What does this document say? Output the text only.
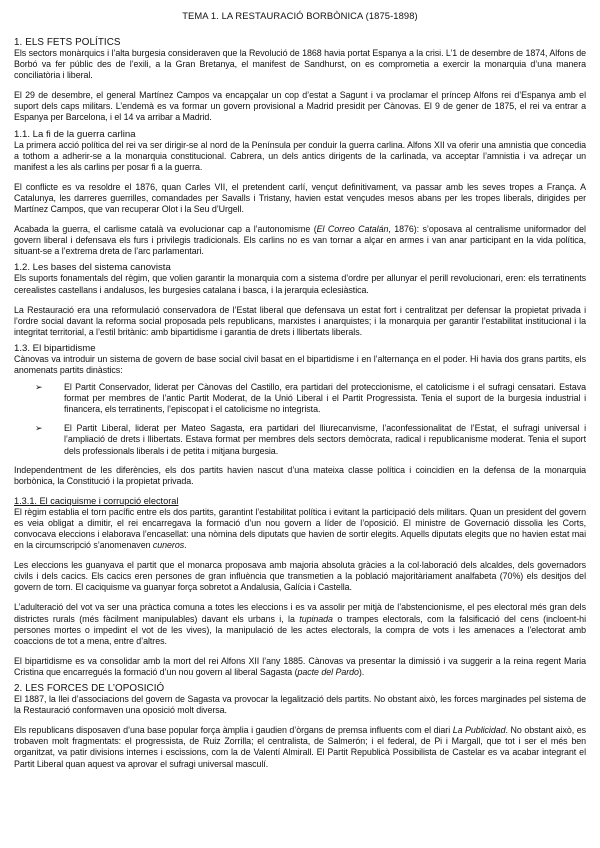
TEMA 1. LA RESTAURACIÓ BORBÒNICA (1875-1898)
1. ELS FETS POLÍTICS

Els sectors monàrquics i l’alta burgesia consideraven que la Revolució de 1868 havia portat Espanya a la crisi. L’1 de desembre de 1874, Alfons de Borbó va fer públic des de l’exili, a la Gran Bretanya, el manifest de Sandhurst, on es comprometia a exercir la monarquia d’una manera conciliatòria i liberal.

El 29 de desembre, el general Martínez Campos va encapçalar un cop d’estat a Sagunt i va proclamar el príncep Alfons rei d’Espanya amb el suport dels caps militars. L’endemà es va formar un govern provisional a Madrid presidit per Cànovas. El 9 de gener de 1875, el rei va entrar a Espanya per Barcelona, i el 14 va arribar a Madrid.

1.1. La fi de la guerra carlina

La primera acció política del rei va ser dirigir-se al nord de la Península per conduir la guerra carlina. Alfons XII va oferir una amnistia que concedia a tothom a adherir-se a la monarquia constitucional. Cabrera, un dels antics dirigents de la carlinada, va acceptar l’amnistia i va adreçar un manifest a les als carlins per posar fi a la guerra.

El conflicte es va resoldre el 1876, quan Carles VII, el pretendent carlí, vençut definitivament, va passar amb les seves tropes a França. A Catalunya, les darreres guerrilles, comandades per Savalls i Tristany, havien estat vençudes mesos abans per les tropes liberals, dirigides per Martínez Campos, que van recuperar Olot i la Seu d’Urgell.

Acabada la guerra, el carlisme català va evolucionar cap a l’autonomisme (El Correo Catalán, 1876): s’oposava al centralisme uniformador del govern liberal i defensava els furs i privilegis tradicionals. Els carlins no es van tornar a alçar en armes i van anar participant en la vida política, situant-se a l’extrema dreta de l’arc parlamentari.

1.2. Les bases del sistema canovista

Els suports fonamentals del règim, que volien garantir la monarquia com a sistema d’ordre per allunyar el perill revolucionari, eren: els terratinents cerealistes castellans i andalusos, les burgesies catalana i basca, i la jerarquia eclesiàstica.

La Restauració era una reformulació conservadora de l’Estat liberal que defensava un estat fort i centralitzat per defensar la propietat privada i l’ordre social davant la reforma social proposada pels republicans, marxistes i anarquistes; i la monarquia per garantir l’estabilitat institucional i la integritat territorial, a l’estil britànic: amb bipartidisme i garantia de drets i llibertats liberals.

1.3. El bipartidisme

Cànovas va introduir un sistema de govern de base social civil basat en el bipartidisme i en l’alternança en el poder. Hi havia dos grans partits, els anomenats partits dinàstics:

➢ El Partit Conservador, liderat per Cànovas del Castillo, era partidari del proteccionisme, el catolicisme i el sufragi censatari. Estava format per membres de l’antic Partit Moderat, de la Unió Liberal i el Partit Progressista. Tenia el suport de la burgesia industrial i financera, els terratinents, l’episcopat i el catolicisme no integrista.

➢ El Partit Liberal, liderat per Mateo Sagasta, era partidari del lliurecanvisme, l’aconfessionalitat de l’Estat, el sufragi universal i l’ampliació de drets i llibertats. Estava format per membres dels sectors demòcrata, radical i republicanisme moderat. Tenia el suport dels professionals liberals i de petita i mitjana burgesia.

Independentment de les diferències, els dos partits havien nascut d’una mateixa classe política i coincidien en la defensa de la monarquia borbònica, la Constitució i la propietat privada.

1.3.1. El caciquisme i corrupció electoral

El règim establia el torn pacífic entre els dos partits, garantint l’estabilitat política i evitant la participació dels militars. Quan un president del govern es veia obligat a dimitir, el rei encarregava la formació d’un nou govern a líder de l’oposició. El ministre de Governació dissolia les Corts, convocava eleccions i elaborava l’encasellat: una nòmina dels diputats que havien de sortir elegits. Aquells diputats elegits que no havien estat mai en la circumscripció s’anomenaven cuneros.

Les eleccions les guanyava el partit que el monarca proposava amb majoria absoluta gràcies a la col·laboració dels alcaldes, dels governadors civils i dels cacics. Els cacics eren persones de gran influència que transmetien a la població majoritàriament analfabeta (70%) els desitjos del govern de torn. El caciquisme va guanyar força sobretot a Andalusia, Galícia i Castella.

L’adulteració del vot va ser una pràctica comuna a totes les eleccions i es va assolir per mitjà de l’abstencionisme, el pes electoral més gran dels districtes rurals (més fàcilment manipulables) davant els urbans i, la tupinada o trampes electorals, com la falsificació del cens (incloent-hi persones mortes o impedint el vot de les vives), la manipulació de les actes electorals, la compra de vots i les amenaces a l’electorat amb coaccions de tot a mena, entre d’altres.

El bipartidisme es va consolidar amb la mort del rei Alfons XII l’any 1885. Cànovas va presentar la dimissió i va suggerir a la reina regent Maria Cristina que encarregués la formació d’un nou govern al liberal Sagasta (pacte del Pardo).

2. LES FORCES DE L’OPOSICIÓ

El 1887, la llei d’associacions del govern de Sagasta va provocar la legalització dels partits. No obstant això, les forces marginades pel sistema de la Restauració conformaven una oposició molt diversa.

Els republicans disposaven d’una base popular força àmplia i gaudien d’òrgans de premsa influents com el diari La Publicidad. No obstant això, es trobaven molt fragmentats: el progressista, de Ruiz Zorrilla; el centralista, de Salmerón; i el federal, de Pi i Margall, que tot i ser el més ben organitzat, va patir divisions internes i escissions, com la de Valentí Almirall. El Partit Republicà Possibilista de Castelar es va acabar integrant el Partit Liberal quan aquest va aprovar el sufragi universal masculí.
